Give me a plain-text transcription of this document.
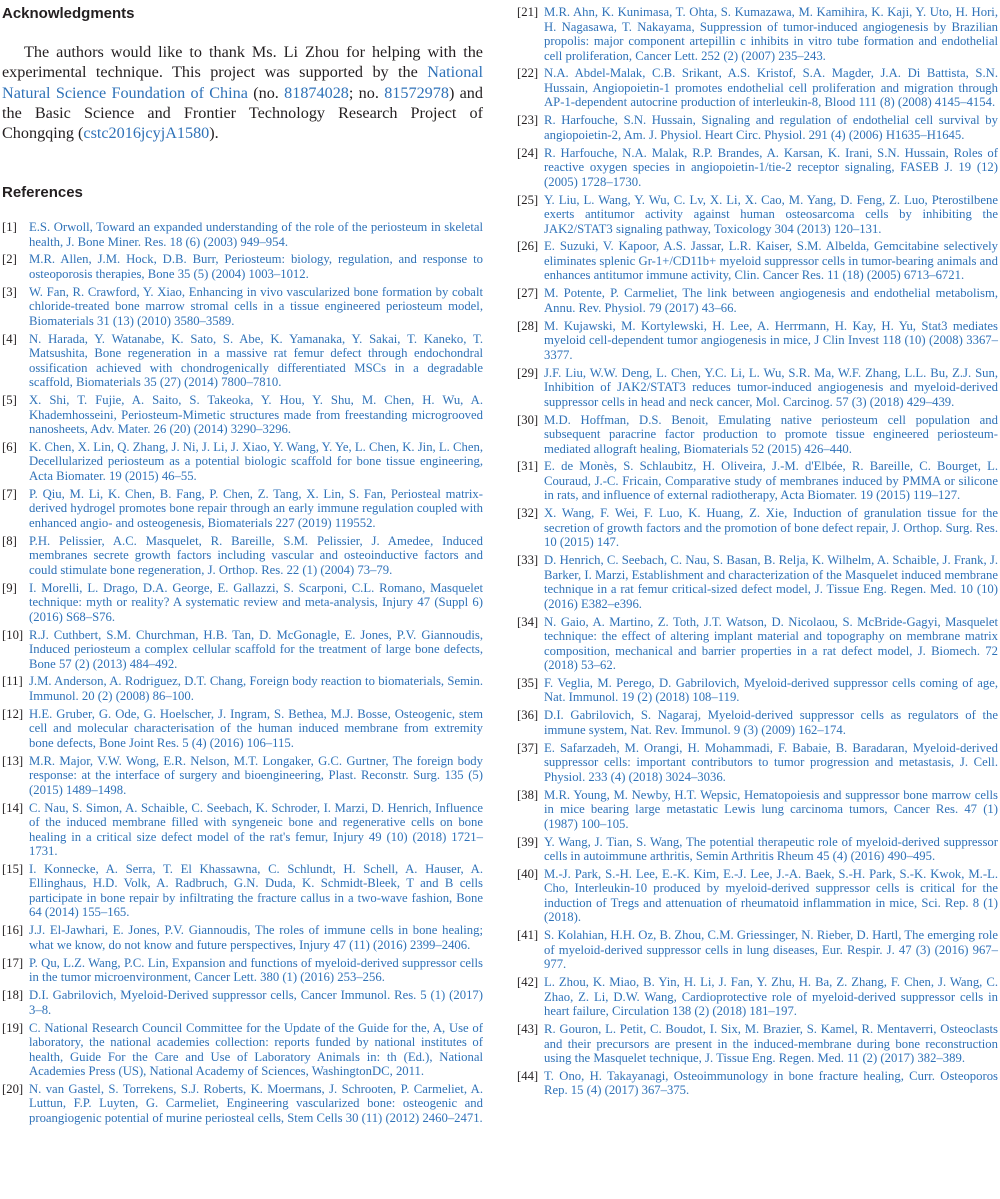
Acknowledgments

The authors would like to thank Ms. Li Zhou for helping with the experimental technique. This project was supported by the National Natural Science Foundation of China (no. 81874028; no. 81572978) and the Basic Science and Frontier Technology Research Project of Chongqing (cstc2016jcyjA1580).

References
[1] E.S. Orwoll, Toward an expanded understanding of the role of the periosteum in skeletal health, J. Bone Miner. Res. 18 (6) (2003) 949–954.
[2] M.R. Allen, J.M. Hock, D.B. Burr, Periosteum: biology, regulation, and response to osteoporosis therapies, Bone 35 (5) (2004) 1003–1012.
[3] W. Fan, R. Crawford, Y. Xiao, Enhancing in vivo vascularized bone formation by cobalt chloride-treated bone marrow stromal cells in a tissue engineered periosteum model, Biomaterials 31 (13) (2010) 3580–3589.
[4] N. Harada, Y. Watanabe, K. Sato, S. Abe, K. Yamanaka, Y. Sakai, T. Kaneko, T. Matsushita, Bone regeneration in a massive rat femur defect through endochondral ossification achieved with chondrogenically differentiated MSCs in a degradable scaffold, Biomaterials 35 (27) (2014) 7800–7810.
[5] X. Shi, T. Fujie, A. Saito, S. Takeoka, Y. Hou, Y. Shu, M. Chen, H. Wu, A. Khademhosseini, Periosteum-Mimetic structures made from freestanding microgrooved nanosheets, Adv. Mater. 26 (20) (2014) 3290–3296.
[6] K. Chen, X. Lin, Q. Zhang, J. Ni, J. Li, J. Xiao, Y. Wang, Y. Ye, L. Chen, K. Jin, L. Chen, Decellularized periosteum as a potential biologic scaffold for bone tissue engineering, Acta Biomater. 19 (2015) 46–55.
[7] P. Qiu, M. Li, K. Chen, B. Fang, P. Chen, Z. Tang, X. Lin, S. Fan, Periosteal matrix-derived hydrogel promotes bone repair through an early immune regulation coupled with enhanced angio- and osteogenesis, Biomaterials 227 (2019) 119552.
[8] P.H. Pelissier, A.C. Masquelet, R. Bareille, S.M. Pelissier, J. Amedee, Induced membranes secrete growth factors including vascular and osteoinductive factors and could stimulate bone regeneration, J. Orthop. Res. 22 (1) (2004) 73–79.
[9] I. Morelli, L. Drago, D.A. George, E. Gallazzi, S. Scarponi, C.L. Romano, Masquelet technique: myth or reality? A systematic review and meta-analysis, Injury 47 (Suppl 6) (2016) S68–S76.
[10] R.J. Cuthbert, S.M. Churchman, H.B. Tan, D. McGonagle, E. Jones, P.V. Giannoudis, Induced periosteum a complex cellular scaffold for the treatment of large bone defects, Bone 57 (2) (2013) 484–492.
[11] J.M. Anderson, A. Rodriguez, D.T. Chang, Foreign body reaction to biomaterials, Semin. Immunol. 20 (2) (2008) 86–100.
[12] H.E. Gruber, G. Ode, G. Hoelscher, J. Ingram, S. Bethea, M.J. Bosse, Osteogenic, stem cell and molecular characterisation of the human induced membrane from extremity bone defects, Bone Joint Res. 5 (4) (2016) 106–115.
[13] M.R. Major, V.W. Wong, E.R. Nelson, M.T. Longaker, G.C. Gurtner, The foreign body response: at the interface of surgery and bioengineering, Plast. Reconstr. Surg. 135 (5) (2015) 1489–1498.
[14] C. Nau, S. Simon, A. Schaible, C. Seebach, K. Schroder, I. Marzi, D. Henrich, Influence of the induced membrane filled with syngeneic bone and regenerative cells on bone healing in a critical size defect model of the rat's femur, Injury 49 (10) (2018) 1721–1731.
[15] I. Konnecke, A. Serra, T. El Khassawna, C. Schlundt, H. Schell, A. Hauser, A. Ellinghaus, H.D. Volk, A. Radbruch, G.N. Duda, K. Schmidt-Bleek, T and B cells participate in bone repair by infiltrating the fracture callus in a two-wave fashion, Bone 64 (2014) 155–165.
[16] J.J. El-Jawhari, E. Jones, P.V. Giannoudis, The roles of immune cells in bone healing; what we know, do not know and future perspectives, Injury 47 (11) (2016) 2399–2406.
[17] P. Qu, L.Z. Wang, P.C. Lin, Expansion and functions of myeloid-derived suppressor cells in the tumor microenvironment, Cancer Lett. 380 (1) (2016) 253–256.
[18] D.I. Gabrilovich, Myeloid-Derived suppressor cells, Cancer Immunol. Res. 5 (1) (2017) 3–8.
[19] C. National Research Council Committee for the Update of the Guide for the, A, Use of laboratory, the national academies collection: reports funded by national institutes of health, Guide For the Care and Use of Laboratory Animals in: th (Ed.), National Academies Press (US), National Academy of Sciences, WashingtonDC, 2011.
[20] N. van Gastel, S. Torrekens, S.J. Roberts, K. Moermans, J. Schrooten, P. Carmeliet, A. Luttun, F.P. Luyten, G. Carmeliet, Engineering vascularized bone: osteogenic and proangiogenic potential of murine periosteal cells, Stem Cells 30 (11) (2012) 2460–2471.
[21] M.R. Ahn, K. Kunimasa, T. Ohta, S. Kumazawa, M. Kamihira, K. Kaji, Y. Uto, H. Hori, H. Nagasawa, T. Nakayama, Suppression of tumor-induced angiogenesis by Brazilian propolis: major component artepillin c inhibits in vitro tube formation and endothelial cell proliferation, Cancer Lett. 252 (2) (2007) 235–243.
[22] N.A. Abdel-Malak, C.B. Srikant, A.S. Kristof, S.A. Magder, J.A. Di Battista, S.N. Hussain, Angiopoietin-1 promotes endothelial cell proliferation and migration through AP-1-dependent autocrine production of interleukin-8, Blood 111 (8) (2008) 4145–4154.
[23] R. Harfouche, S.N. Hussain, Signaling and regulation of endothelial cell survival by angiopoietin-2, Am. J. Physiol. Heart Circ. Physiol. 291 (4) (2006) H1635–H1645.
[24] R. Harfouche, N.A. Malak, R.P. Brandes, A. Karsan, K. Irani, S.N. Hussain, Roles of reactive oxygen species in angiopoietin-1/tie-2 receptor signaling, FASEB J. 19 (12) (2005) 1728–1730.
[25] Y. Liu, L. Wang, Y. Wu, C. Lv, X. Li, X. Cao, M. Yang, D. Feng, Z. Luo, Pterostilbene exerts antitumor activity against human osteosarcoma cells by inhibiting the JAK2/STAT3 signaling pathway, Toxicology 304 (2013) 120–131.
[26] E. Suzuki, V. Kapoor, A.S. Jassar, L.R. Kaiser, S.M. Albelda, Gemcitabine selectively eliminates splenic Gr-1+/CD11b+ myeloid suppressor cells in tumor-bearing animals and enhances antitumor immune activity, Clin. Cancer Res. 11 (18) (2005) 6713–6721.
[27] M. Potente, P. Carmeliet, The link between angiogenesis and endothelial metabolism, Annu. Rev. Physiol. 79 (2017) 43–66.
[28] M. Kujawski, M. Kortylewski, H. Lee, A. Herrmann, H. Kay, H. Yu, Stat3 mediates myeloid cell-dependent tumor angiogenesis in mice, J Clin Invest 118 (10) (2008) 3367–3377.
[29] J.F. Liu, W.W. Deng, L. Chen, Y.C. Li, L. Wu, S.R. Ma, W.F. Zhang, L.L. Bu, Z.J. Sun, Inhibition of JAK2/STAT3 reduces tumor-induced angiogenesis and myeloid-derived suppressor cells in head and neck cancer, Mol. Carcinog. 57 (3) (2018) 429–439.
[30] M.D. Hoffman, D.S. Benoit, Emulating native periosteum cell population and subsequent paracrine factor production to promote tissue engineered periosteum-mediated allograft healing, Biomaterials 52 (2015) 426–440.
[31] E. de Monès, S. Schlaubitz, H. Oliveira, J.-M. d'Elbée, R. Bareille, C. Bourget, L. Couraud, J.-C. Fricain, Comparative study of membranes induced by PMMA or silicone in rats, and influence of external radiotherapy, Acta Biomater. 19 (2015) 119–127.
[32] X. Wang, F. Wei, F. Luo, K. Huang, Z. Xie, Induction of granulation tissue for the secretion of growth factors and the promotion of bone defect repair, J. Orthop. Surg. Res. 10 (2015) 147.
[33] D. Henrich, C. Seebach, C. Nau, S. Basan, B. Relja, K. Wilhelm, A. Schaible, J. Frank, J. Barker, I. Marzi, Establishment and characterization of the Masquelet induced membrane technique in a rat femur critical-sized defect model, J. Tissue Eng. Regen. Med. 10 (10) (2016) E382–e396.
[34] N. Gaio, A. Martino, Z. Toth, J.T. Watson, D. Nicolaou, S. McBride-Gagyi, Masquelet technique: the effect of altering implant material and topography on membrane matrix composition, mechanical and barrier properties in a rat defect model, J. Biomech. 72 (2018) 53–62.
[35] F. Veglia, M. Perego, D. Gabrilovich, Myeloid-derived suppressor cells coming of age, Nat. Immunol. 19 (2) (2018) 108–119.
[36] D.I. Gabrilovich, S. Nagaraj, Myeloid-derived suppressor cells as regulators of the immune system, Nat. Rev. Immunol. 9 (3) (2009) 162–174.
[37] E. Safarzadeh, M. Orangi, H. Mohammadi, F. Babaie, B. Baradaran, Myeloid-derived suppressor cells: important contributors to tumor progression and metastasis, J. Cell. Physiol. 233 (4) (2018) 3024–3036.
[38] M.R. Young, M. Newby, H.T. Wepsic, Hematopoiesis and suppressor bone marrow cells in mice bearing large metastatic Lewis lung carcinoma tumors, Cancer Res. 47 (1) (1987) 100–105.
[39] Y. Wang, J. Tian, S. Wang, The potential therapeutic role of myeloid-derived suppressor cells in autoimmune arthritis, Semin Arthritis Rheum 45 (4) (2016) 490–495.
[40] M.-J. Park, S.-H. Lee, E.-K. Kim, E.-J. Lee, J.-A. Baek, S.-H. Park, S.-K. Kwok, M.-L. Cho, Interleukin-10 produced by myeloid-derived suppressor cells is critical for the induction of Tregs and attenuation of rheumatoid inflammation in mice, Sci. Rep. 8 (1) (2018).
[41] S. Kolahian, H.H. Oz, B. Zhou, C.M. Griessinger, N. Rieber, D. Hartl, The emerging role of myeloid-derived suppressor cells in lung diseases, Eur. Respir. J. 47 (3) (2016) 967–977.
[42] L. Zhou, K. Miao, B. Yin, H. Li, J. Fan, Y. Zhu, H. Ba, Z. Zhang, F. Chen, J. Wang, C. Zhao, Z. Li, D.W. Wang, Cardioprotective role of myeloid-derived suppressor cells in heart failure, Circulation 138 (2) (2018) 181–197.
[43] R. Gouron, L. Petit, C. Boudot, I. Six, M. Brazier, S. Kamel, R. Mentaverri, Osteoclasts and their precursors are present in the induced-membrane during bone reconstruction using the Masquelet technique, J. Tissue Eng. Regen. Med. 11 (2) (2017) 382–389.
[44] T. Ono, H. Takayanagi, Osteoimmunology in bone fracture healing, Curr. Osteoporos Rep. 15 (4) (2017) 367–375.
